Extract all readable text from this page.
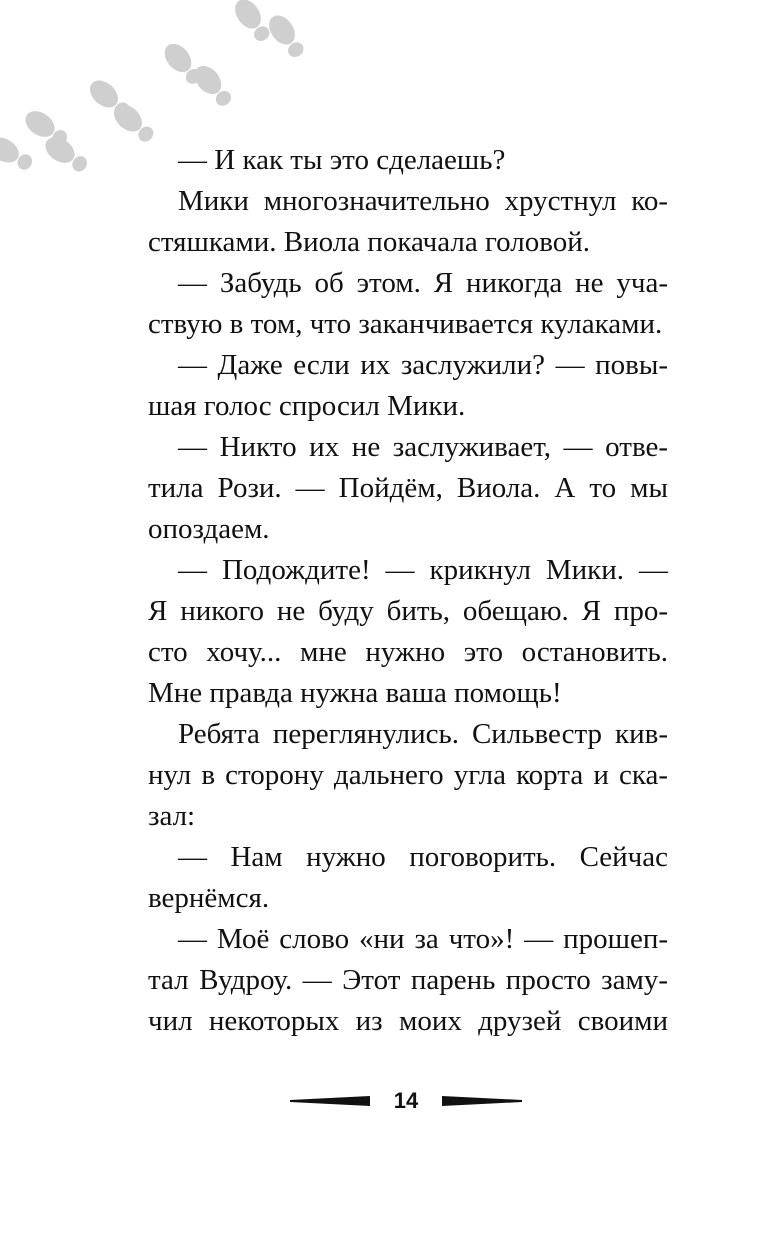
— И как ты это сделаешь?
Мики многозначительно хрустнул ко-
стяшками. Виола покачала головой.
— Забудь об этом. Я никогда не уча-
ствую в том, что заканчивается кулаками.
— Даже если их заслужили? — повы-
шая голос спросил Мики.
— Никто их не заслуживает, — отве-
тила Рози. — Пойдём, Виола. А то мы
опоздаем.
— Подождите! — крикнул Мики. —
Я никого не буду бить, обещаю. Я про-
сто хочу... мне нужно это остановить.
Мне правда нужна ваша помощь!
Ребята переглянулись. Сильвестр кив-
нул в сторону дальнего угла корта и ска-
зал:
— Нам нужно поговорить. Сейчас
вернёмся.
— Моё слово «ни за что»! — прошеп-
тал Вудроу. — Этот парень просто заму-
чил некоторых из моих друзей своими
14
